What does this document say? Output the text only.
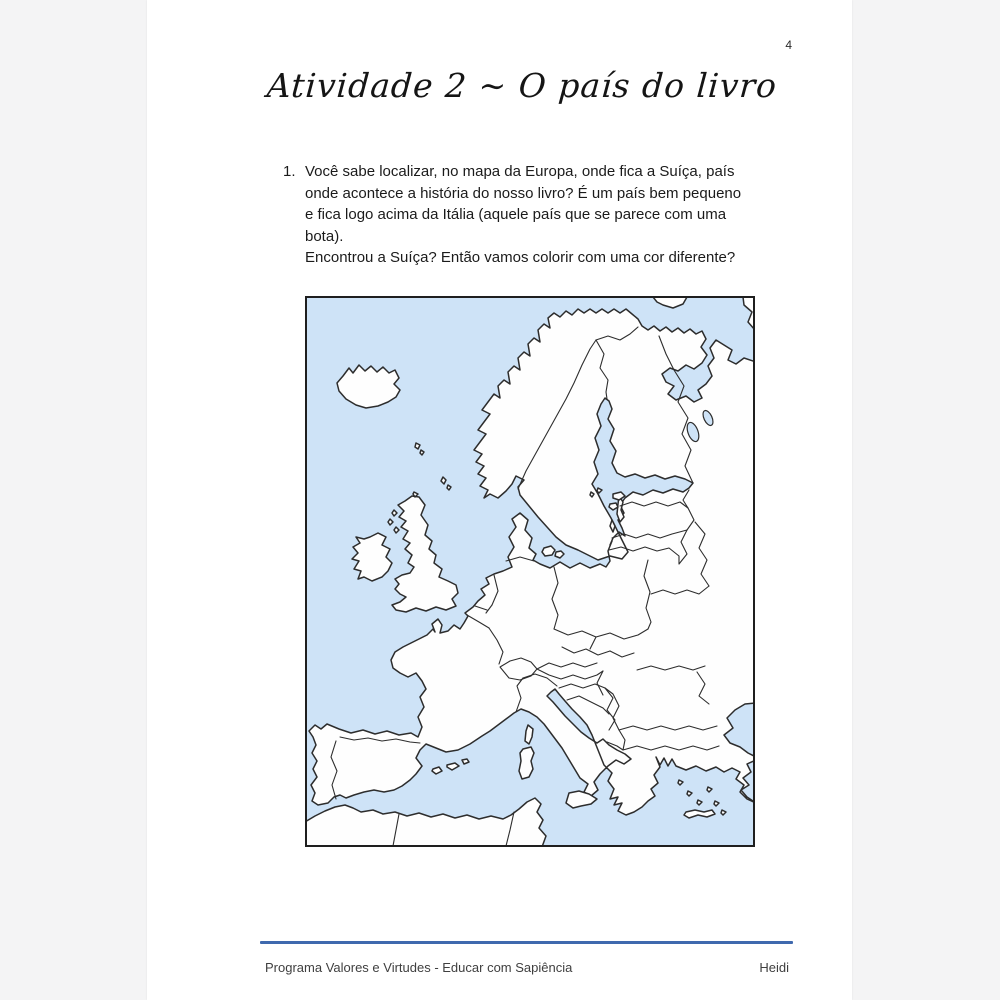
4
Atividade 2 ~ O país do livro
1. Você sabe localizar, no mapa da Europa, onde fica a Suíça, país onde acontece a história do nosso livro? É um país bem pequeno e fica logo acima da Itália (aquele país que se parece com uma bota).
Encontrou a Suíça? Então vamos colorir com uma cor diferente?
Programa Valores e Virtudes - Educar com Sapiência	Heidi
